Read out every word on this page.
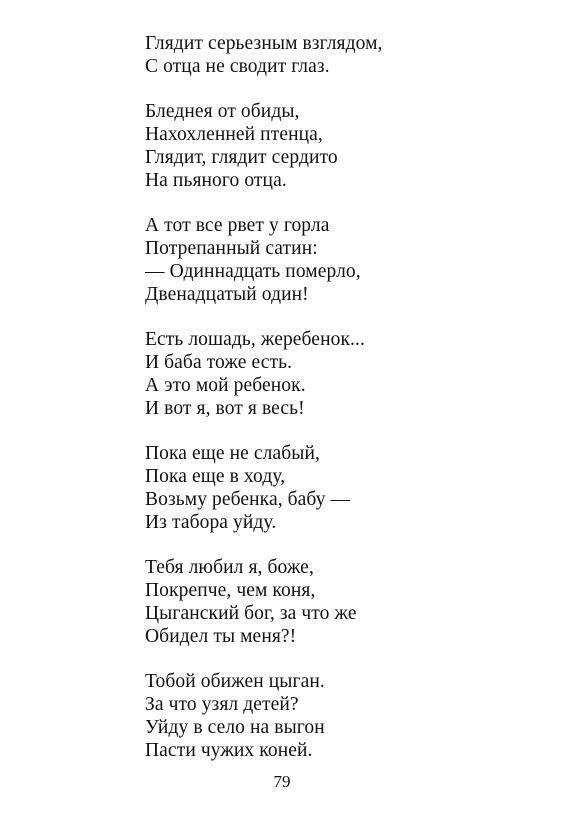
Глядит серьезным взглядом,
С отца не сводит глаз.
Бледнея от обиды,
Нахохленней птенца,
Глядит, глядит сердито
На пьяного отца.
А тот все рвет у горла
Потрепанный сатин:
— Одиннадцать померло,
Двенадцатый один!
Есть лошадь, жеребенок...
И баба тоже есть.
А это мой ребенок.
И вот я, вот я весь!
Пока еще не слабый,
Пока еще в ходу,
Возьму ребенка, бабу —
Из табора уйду.
Тебя любил я, боже,
Покрепче, чем коня,
Цыганский бог, за что же
Обидел ты меня?!
Тобой обижен цыган.
За что узял детей?
Уйду в село на выгон
Пасти чужих коней.
79
